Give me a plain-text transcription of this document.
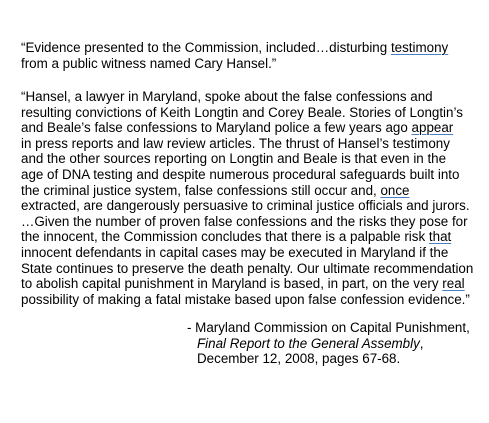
“Evidence presented to the Commission, included…disturbing testimony
from a public witness named Cary Hansel.”
“Hansel, a lawyer in Maryland, spoke about the false confessions and
resulting convictions of Keith Longtin and Corey Beale. Stories of Longtin’s
and Beale’s false confessions to Maryland police a few years ago appear
in press reports and law review articles. The thrust of Hansel’s testimony
and the other sources reporting on Longtin and Beale is that even in the
age of DNA testing and despite numerous procedural safeguards built into
the criminal justice system, false confessions still occur and, once
extracted, are dangerously persuasive to criminal justice officials and jurors.
…Given the number of proven false confessions and the risks they pose for
the innocent, the Commission concludes that there is a palpable risk that
innocent defendants in capital cases may be executed in Maryland if the
State continues to preserve the death penalty. Our ultimate recommendation
to abolish capital punishment in Maryland is based, in part, on the very real
possibility of making a fatal mistake based upon false confession evidence.”
- Maryland Commission on Capital Punishment,
Final Report to the General Assembly,
December 12, 2008, pages 67-68.
